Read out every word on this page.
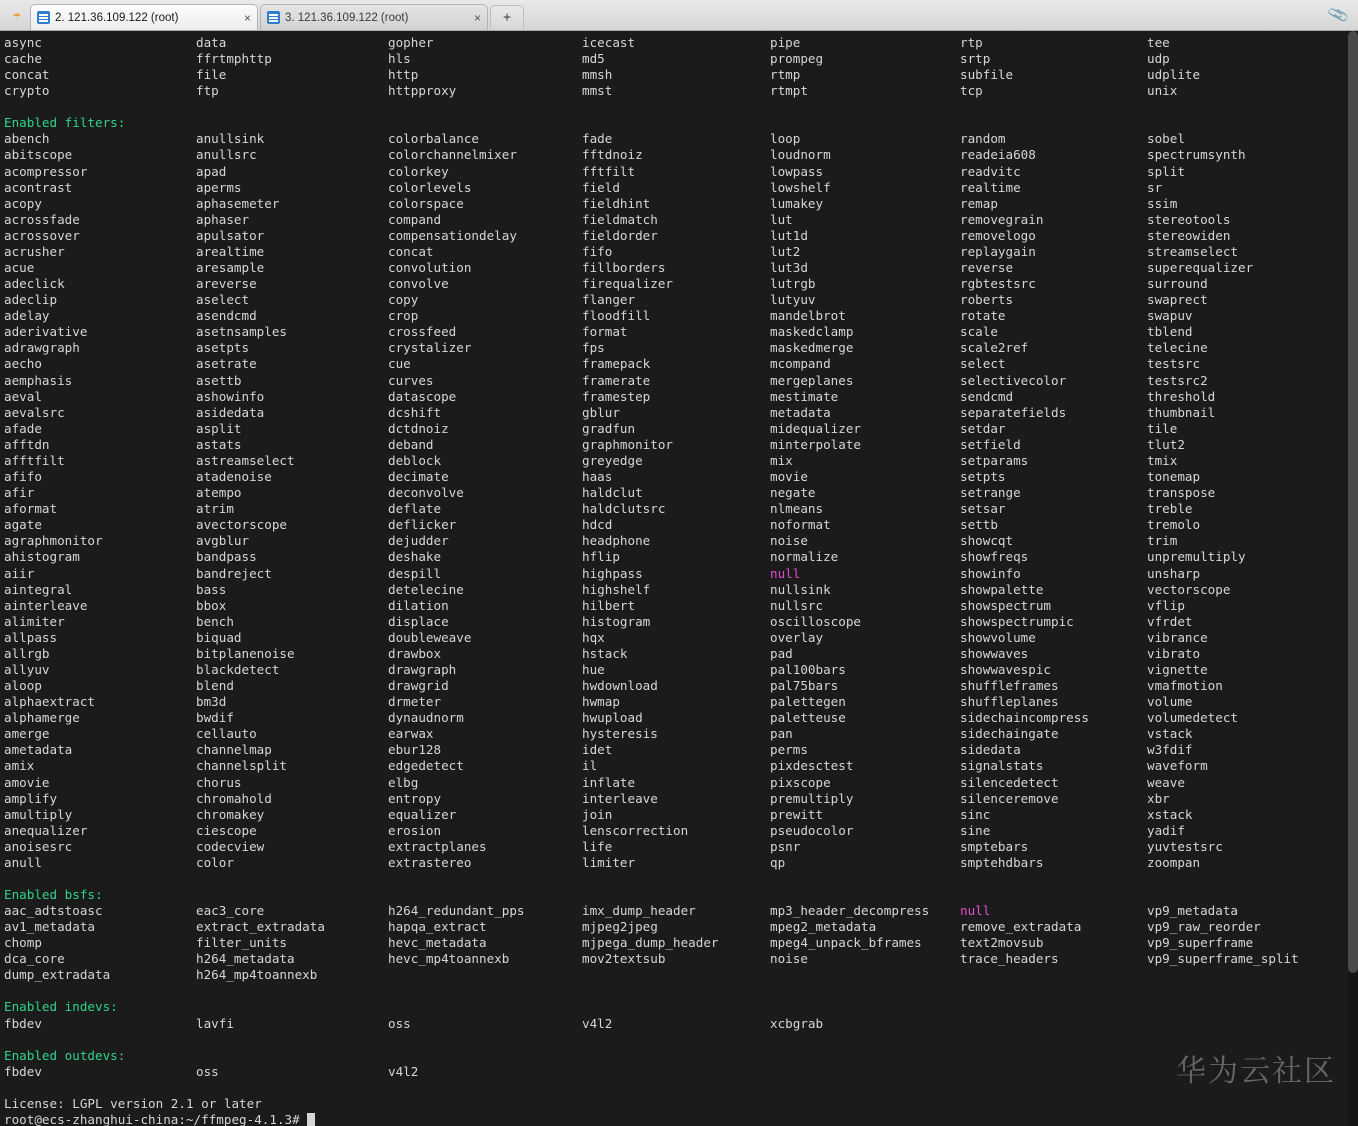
☂	2. 121.36.109.122 (root)	×	3. 121.36.109.122 (root)	×	+	📎
async	data	gopher	icecast	pipe	rtp	tee
cache	ffrtmphttp	hls	md5	prompeg	srtp	udp
concat	file	http	mmsh	rtmp	subfile	udplite
crypto	ftp	httpproxy	mmst	rtmpt	tcp	unix
Enabled filters:
abench	anullsink	colorbalance	fade	loop	random	sobel
abitscope	anullsrc	colorchannelmixer	fftdnoiz	loudnorm	readeia608	spectrumsynth
acompressor	apad	colorkey	fftfilt	lowpass	readvitc	split
acontrast	aperms	colorlevels	field	lowshelf	realtime	sr
acopy	aphasemeter	colorspace	fieldhint	lumakey	remap	ssim
acrossfade	aphaser	compand	fieldmatch	lut	removegrain	stereotools
acrossover	apulsator	compensationdelay	fieldorder	lut1d	removelogo	stereowiden
acrusher	arealtime	concat	fifo	lut2	replaygain	streamselect
acue	aresample	convolution	fillborders	lut3d	reverse	superequalizer
adeclick	areverse	convolve	firequalizer	lutrgb	rgbtestsrc	surround
adeclip	aselect	copy	flanger	lutyuv	roberts	swaprect
adelay	asendcmd	crop	floodfill	mandelbrot	rotate	swapuv
aderivative	asetnsamples	crossfeed	format	maskedclamp	scale	tblend
adrawgraph	asetpts	crystalizer	fps	maskedmerge	scale2ref	telecine
aecho	asetrate	cue	framepack	mcompand	select	testsrc
aemphasis	asettb	curves	framerate	mergeplanes	selectivecolor	testsrc2
aeval	ashowinfo	datascope	framestep	mestimate	sendcmd	threshold
aevalsrc	asidedata	dcshift	gblur	metadata	separatefields	thumbnail
afade	asplit	dctdnoiz	gradfun	midequalizer	setdar	tile
afftdn	astats	deband	graphmonitor	minterpolate	setfield	tlut2
afftfilt	astreamselect	deblock	greyedge	mix	setparams	tmix
afifo	atadenoise	decimate	haas	movie	setpts	tonemap
afir	atempo	deconvolve	haldclut	negate	setrange	transpose
aformat	atrim	deflate	haldclutsrc	nlmeans	setsar	treble
agate	avectorscope	deflicker	hdcd	noformat	settb	tremolo
agraphmonitor	avgblur	dejudder	headphone	noise	showcqt	trim
ahistogram	bandpass	deshake	hflip	normalize	showfreqs	unpremultiply
aiir	bandreject	despill	highpass	null	showinfo	unsharp
aintegral	bass	detelecine	highshelf	nullsink	showpalette	vectorscope
ainterleave	bbox	dilation	hilbert	nullsrc	showspectrum	vflip
alimiter	bench	displace	histogram	oscilloscope	showspectrumpic	vfrdet
allpass	biquad	doubleweave	hqx	overlay	showvolume	vibrance
allrgb	bitplanenoise	drawbox	hstack	pad	showwaves	vibrato
allyuv	blackdetect	drawgraph	hue	pal100bars	showwavespic	vignette
aloop	blend	drawgrid	hwdownload	pal75bars	shuffleframes	vmafmotion
alphaextract	bm3d	drmeter	hwmap	palettegen	shuffleplanes	volume
alphamerge	bwdif	dynaudnorm	hwupload	paletteuse	sidechaincompress	volumedetect
amerge	cellauto	earwax	hysteresis	pan	sidechaingate	vstack
ametadata	channelmap	ebur128	idet	perms	sidedata	w3fdif
amix	channelsplit	edgedetect	il	pixdesctest	signalstats	waveform
amovie	chorus	elbg	inflate	pixscope	silencedetect	weave
amplify	chromahold	entropy	interleave	premultiply	silenceremove	xbr
amultiply	chromakey	equalizer	join	prewitt	sinc	xstack
anequalizer	ciescope	erosion	lenscorrection	pseudocolor	sine	yadif
anoisesrc	codecview	extractplanes	life	psnr	smptebars	yuvtestsrc
anull	color	extrastereo	limiter	qp	smptehdbars	zoompan
Enabled bsfs:
aac_adtstoasc	eac3_core	h264_redundant_pps	imx_dump_header	mp3_header_decompress	null	vp9_metadata
av1_metadata	extract_extradata	hapqa_extract	mjpeg2jpeg	mpeg2_metadata	remove_extradata	vp9_raw_reorder
chomp	filter_units	hevc_metadata	mjpega_dump_header	mpeg4_unpack_bframes	text2movsub	vp9_superframe
dca_core	h264_metadata	hevc_mp4toannexb	mov2textsub	noise	trace_headers	vp9_superframe_split
dump_extradata	h264_mp4toannexb
Enabled indevs:
fbdev	lavfi	oss	v4l2	xcbgrab
Enabled outdevs:
fbdev	oss	v4l2
License: LGPL version 2.1 or later
root@ecs-zhanghui-china:~/ffmpeg-4.1.3#
华为云社区
